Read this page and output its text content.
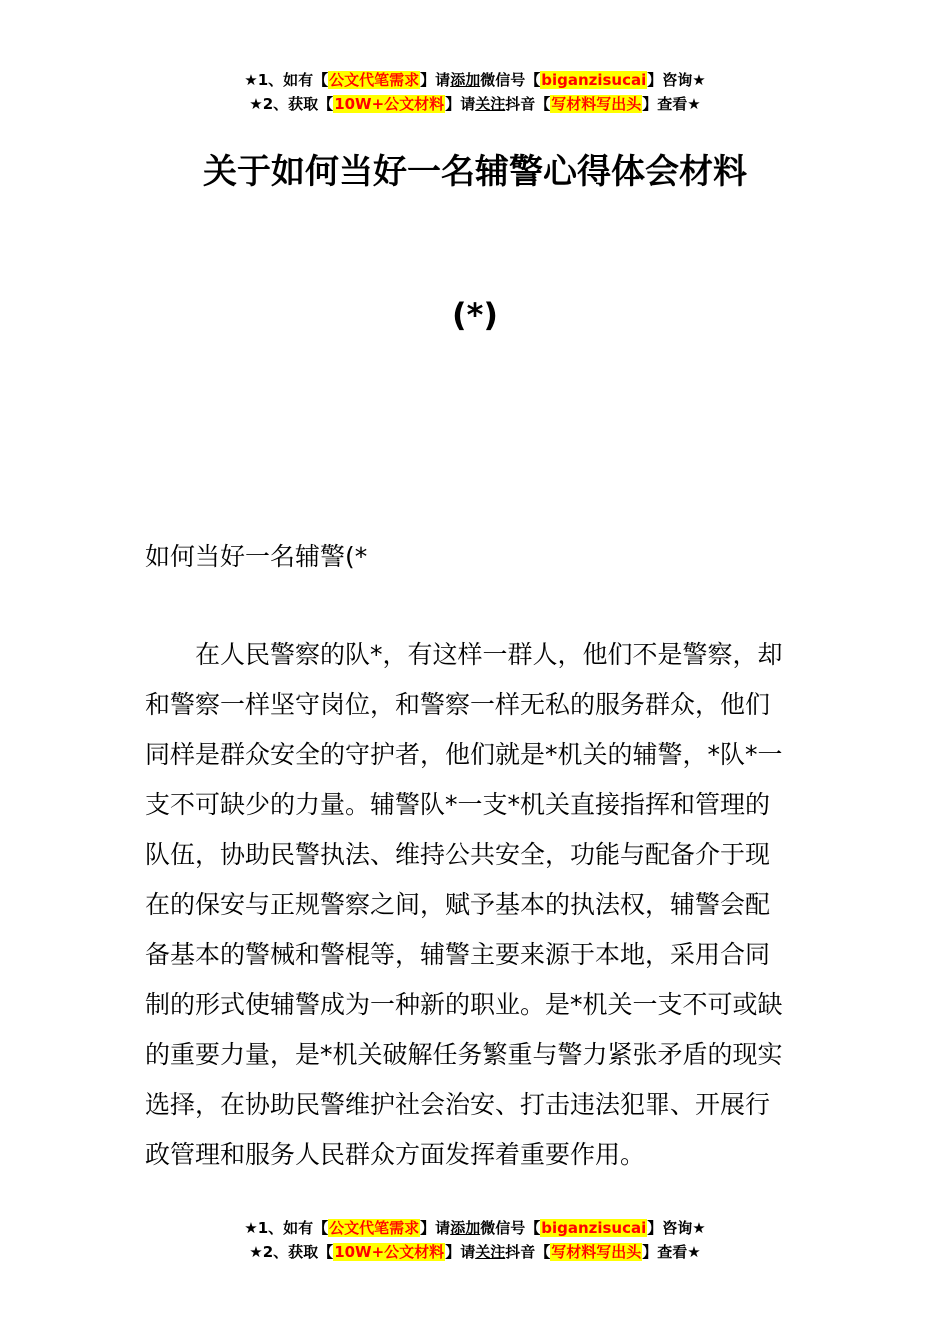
★1、如有【公文代笔需求】请添加微信号【biganzisucai】咨询★
★2、获取【10W+公文材料】请关注抖音【写材料写出头】查看★
关于如何当好一名辅警心得体会材料
(*)
如何当好一名辅警(*
在人民警察的队*，有这样一群人，他们不是警察，却
和警察一样坚守岗位，和警察一样无私的服务群众，他们
同样是群众安全的守护者，他们就是*机关的辅警，*队*一
支不可缺少的力量。辅警队*一支*机关直接指挥和管理的
队伍，协助民警执法、维持公共安全，功能与配备介于现
在的保安与正规警察之间，赋予基本的执法权，辅警会配
备基本的警械和警棍等，辅警主要来源于本地，采用合同
制的形式使辅警成为一种新的职业。是*机关一支不可或缺
的重要力量，是*机关破解任务繁重与警力紧张矛盾的现实
选择，在协助民警维护社会治安、打击违法犯罪、开展行
政管理和服务人民群众方面发挥着重要作用。
★1、如有【公文代笔需求】请添加微信号【biganzisucai】咨询★
★2、获取【10W+公文材料】请关注抖音【写材料写出头】查看★
